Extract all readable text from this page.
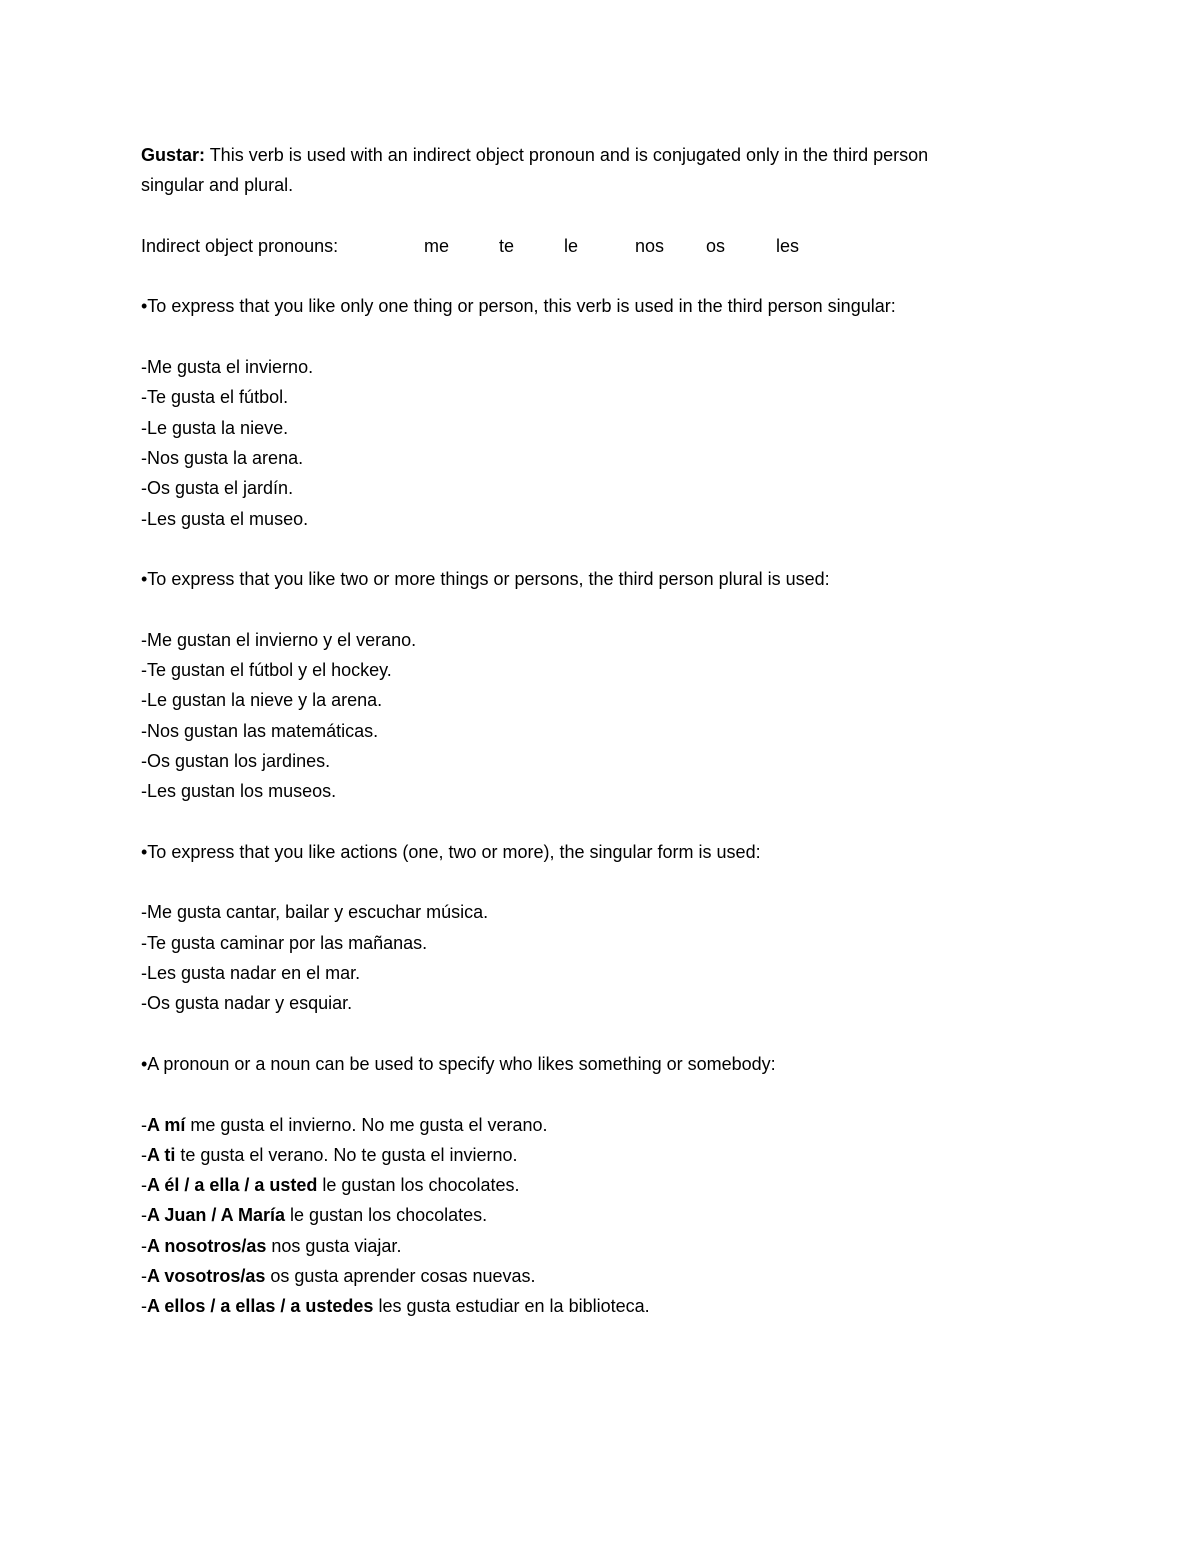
Gustar: This verb is used with an indirect object pronoun and is conjugated only in the third person
singular and plural.
Indirect object pronouns:	me	te	le	nos os	les
•To express that you like only one thing or person, this verb is used in the third person singular:
-Me gusta el invierno.
-Te gusta el fútbol.
-Le gusta la nieve.
-Nos gusta la arena.
-Os gusta el jardín.
-Les gusta el museo.
•To express that you like two or more things or persons, the third person plural is used:
-Me gustan el invierno y el verano.
-Te gustan el fútbol y el hockey.
-Le gustan la nieve y la arena.
-Nos gustan las matemáticas.
-Os gustan los jardines.
-Les gustan los museos.
•To express that you like actions (one, two or more), the singular form is used:
-Me gusta cantar, bailar y escuchar música.
-Te gusta caminar por las mañanas.
-Les gusta nadar en el mar.
-Os gusta nadar y esquiar.
•A pronoun or a noun can be used to specify who likes something or somebody:
-A mí me gusta el invierno. No me gusta el verano.
-A ti te gusta el verano. No te gusta el invierno.
-A él / a ella / a usted le gustan los chocolates.
-A Juan / A María le gustan los chocolates.
-A nosotros/as nos gusta viajar.
-A vosotros/as os gusta aprender cosas nuevas.
-A ellos / a ellas / a ustedes les gusta estudiar en la biblioteca.
